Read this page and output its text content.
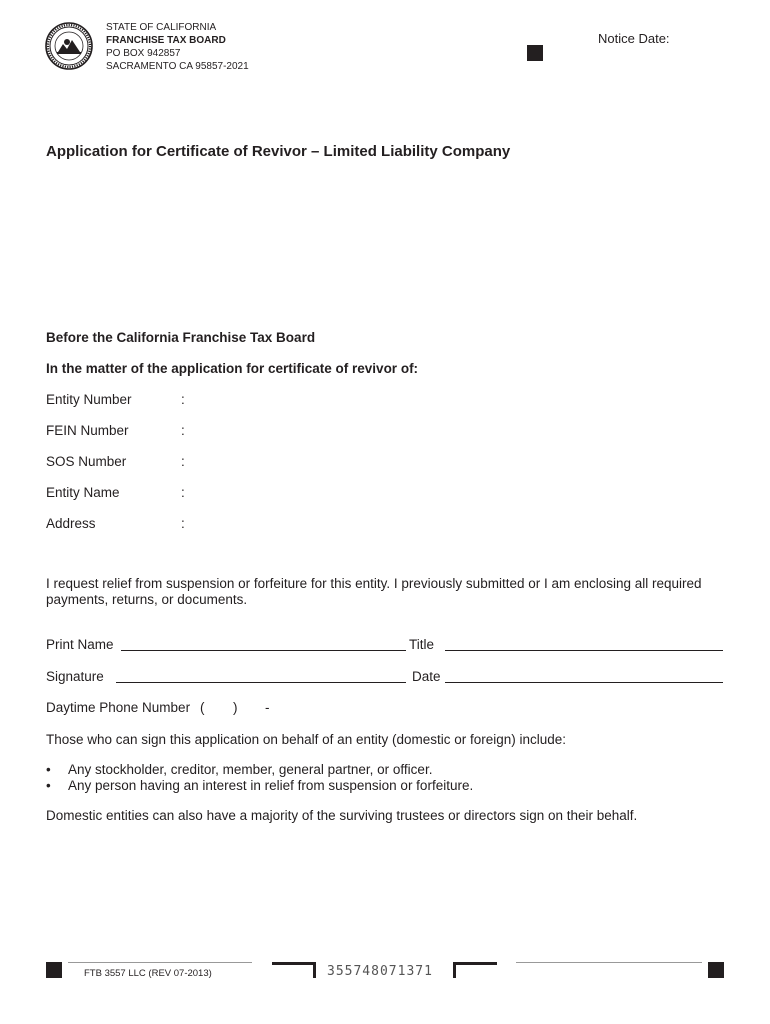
STATE OF CALIFORNIA
FRANCHISE TAX BOARD
PO BOX 942857
SACRAMENTO CA 95857-2021
Notice Date:
Application for Certificate of Revivor – Limited Liability Company
Before the California Franchise Tax Board
In the matter of the application for certificate of revivor of:
Entity Number	:
FEIN Number	:
SOS Number	:
Entity Name	:
Address	:
I request relief from suspension or forfeiture for this entity. I previously submitted or I am enclosing all required payments, returns, or documents.
Print Name	Title
Signature	Date
Daytime Phone Number ( ) -
Those who can sign this application on behalf of an entity (domestic or foreign) include:
•	Any stockholder, creditor, member, general partner, or officer.
•	Any person having an interest in relief from suspension or forfeiture.
Domestic entities can also have a majority of the surviving trustees or directors sign on their behalf.
FTB 3557 LLC (REV 07-2013)	355748071371
